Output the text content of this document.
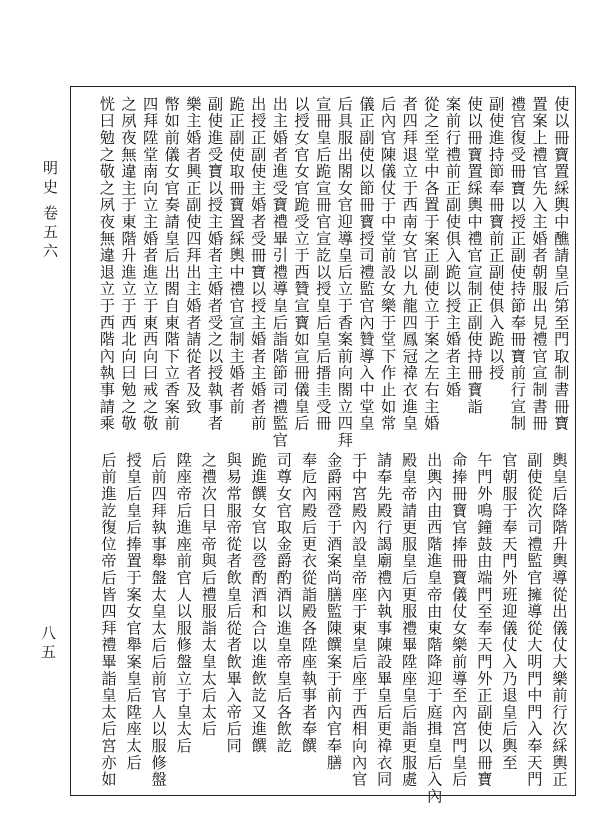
明史
卷五六
八五
使以冊寶置綵輿中醮請皇后第至門取制書冊寶
置案上禮官先入主婚者朝服出見禮官宣制書冊
禮官復受冊寶以授正副使持節奉冊寶前行宣制
副使進持節奉冊寶前正副使俱入跪以授
使以冊寶置綵輿中禮官宣制正副使持冊寶詣
案前行禮前正副使俱入跪以授主婚者主婚
從之至堂中各置于案正副使立于案之左右主婚
者四拜退立于西南女官以九龍四鳳冠禕衣進皇
后內官陳儀仗于中堂前設女樂于堂下作止如常
儀正副使以節冊寶授司禮監官內贊導入中堂皇
后具服出閤女官迎導皇后立于香案前向閤立四拜
宣冊皇后跪宣冊官宣訖以授皇后皇后搢圭受冊
以授女官女官跪受立于西贊宣寶如宣冊儀皇后
出主婚者進受寶禮畢引禮導皇后詣階節司禮監官
出授正副使主婚者受冊寶以授主婚者主婚者前
跪正副使取冊寶置綵輿中禮官宣制主婚者前
副使進受寶以授主婚者主婚者受之以授執事者
樂主婚者興正副使四拜出主婚者請從者及致
幣如前儀女官奏請皇后出閤自東階下立香案前
四拜陞堂南向立主婚者進立于東西向曰戒之敬
之夙夜無違主于東階升進立于西北向曰勉之敬
恍曰勉之敬之夙夜無違退立于西階內執事請乘
輿皇后降階升輿導從出儀仗大樂前行次綵輿正
副使從次司禮監官擁導從大明門中門入奉天門
官朝服于奉天門外班迎儀仗入乃退皇后輿至
午門外鳴鐘鼓由端門至奉天門外正副使以冊寶
命捧冊寶官捧冊寶儀仗女樂前導至內宮門皇后
出輿內由西階進皇帝由東階降迎于庭揖皇后入內
殿皇帝請更服皇后更服禮畢陞座皇后詣更服處
請奉先殿行謁廟禮內執事陳設畢皇后更禕衣同
于中宮殿內設皇帝座于東皇后座于西相向內官
金爵兩卺于酒案尚膳監陳饌案于前內官奉膳
奉卮內殿后更衣從詣殿各陞座執事者奉饌
司尊女官取金爵酌酒以進皇帝皇后各飲訖
跪進饌女官以卺酌酒和合以進飲訖又進饌
與易常服帝從者飲皇后從者飲畢入帝后同
之禮次日早帝與后禮服詣太皇太后太后
陞座帝后進座前官人以服修盤立于皇太后
后前四拜執事舉盤太皇太后后前官人以服修盤
授皇后皇后捧置于案女官舉案皇后陞座太后
后前進訖復位帝后皆四拜禮畢詣皇太后宮亦如
